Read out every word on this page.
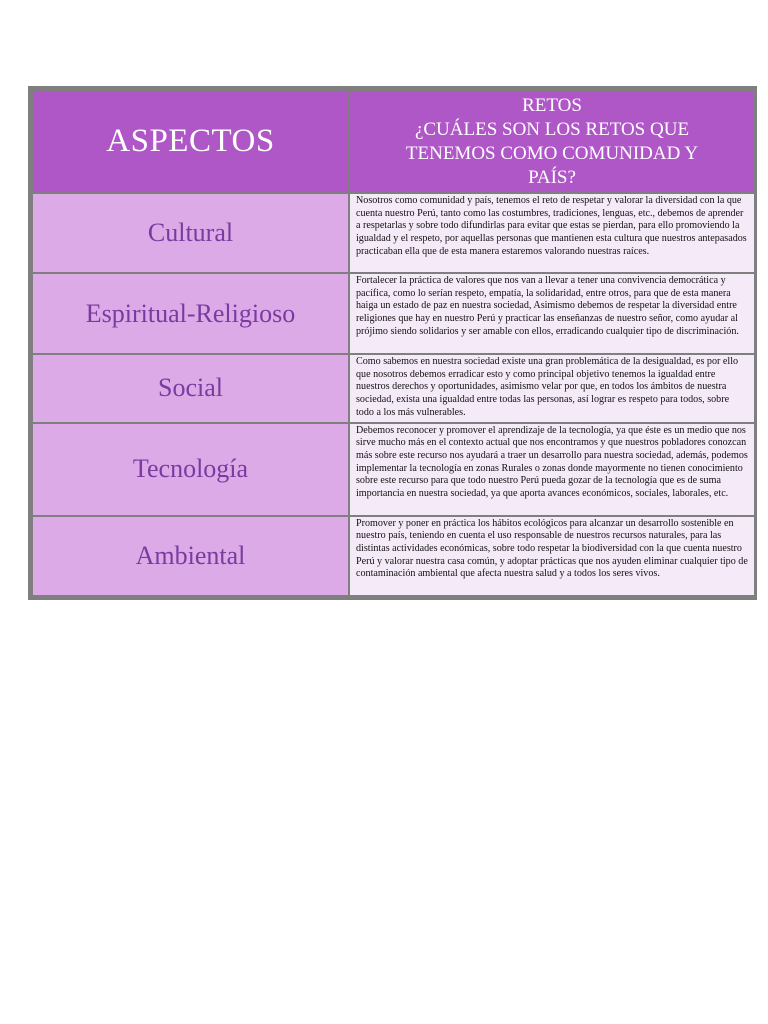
ASPECTOS	RETOS
¿CUÁLES SON LOS RETOS QUE
TENEMOS COMO COMUNIDAD Y
PAÍS?

Cultural	Nosotros como comunidad y país, tenemos el reto de respetar y valorar la diversidad con la que cuenta nuestro Perú, tanto como las costumbres, tradiciones, lenguas, etc., debemos de aprender a respetarlas y sobre todo difundirlas para evitar que estas se pierdan, para ello promoviendo la igualdad y el respeto, por aquellas personas que mantienen esta cultura que nuestros antepasados practicaban ella que de esta manera estaremos valorando nuestras raíces.
Espiritual-Religioso	Fortalecer la práctica de valores que nos van a llevar a tener una convivencia democrática y pacífica, como lo serían respeto, empatía, la solidaridad, entre otros, para que de esta manera haiga un estado de paz en nuestra sociedad, Asimismo debemos de respetar la diversidad entre religiones que hay en nuestro Perú y practicar las enseñanzas de nuestro señor, como ayudar al prójimo siendo solidarios y ser amable con ellos, erradicando cualquier tipo de discriminación.
Social	Como sabemos en nuestra sociedad existe una gran problemática de la desigualdad, es por ello que nosotros debemos erradicar esto y como principal objetivo tenemos la igualdad entre nuestros derechos y oportunidades, asimismo velar por que, en todos los ámbitos de nuestra sociedad, exista una igualdad entre todas las personas, así lograr es respeto para todos, sobre todo a los más vulnerables.
Tecnología	Debemos reconocer y promover el aprendizaje de la tecnología, ya que éste es un medio que nos sirve mucho más en el contexto actual que nos encontramos y que nuestros pobladores conozcan más sobre este recurso nos ayudará a traer un desarrollo para nuestra sociedad, además, podemos implementar la tecnología en zonas Rurales o zonas donde mayormente no tienen conocimiento sobre este recurso para que todo nuestro Perú pueda gozar de la tecnología que es de suma importancia en nuestra sociedad, ya que aporta avances económicos, sociales, laborales, etc.
Ambiental	Promover y poner en práctica los hábitos ecológicos para alcanzar un desarrollo sostenible en nuestro país, teniendo en cuenta el uso responsable de nuestros recursos naturales, para las distintas actividades económicas, sobre todo respetar la biodiversidad con la que cuenta nuestro Perú y valorar nuestra casa común, y adoptar prácticas que nos ayuden eliminar cualquier tipo de contaminación ambiental que afecta nuestra salud y a todos los seres vivos.
